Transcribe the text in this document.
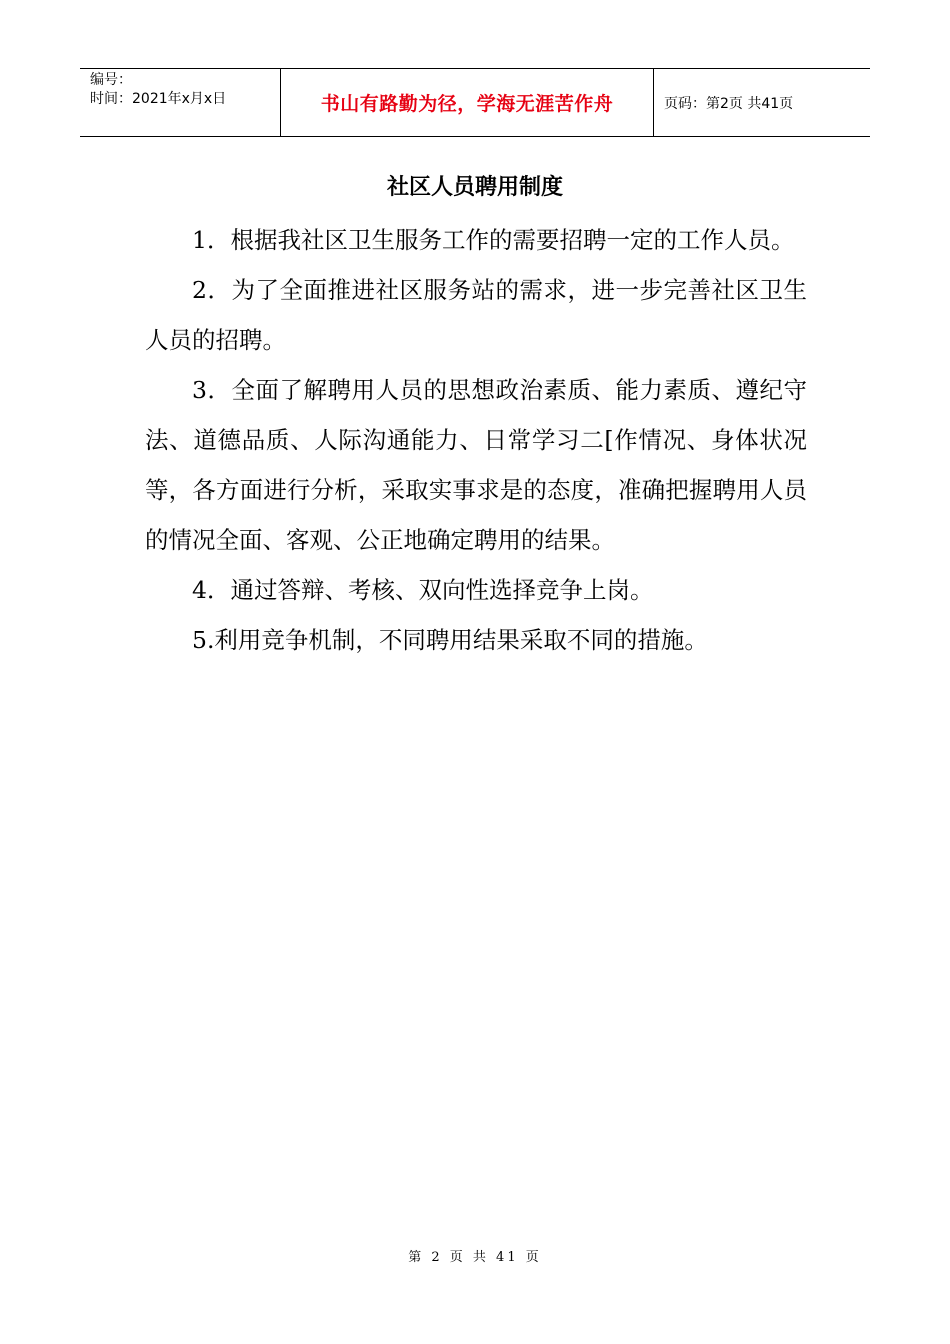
编号：
时间：2021年x月x日	书山有路勤为径，学海无涯苦作舟	页码：第2页 共41页
社区人员聘用制度

1．根据我社区卫生服务工作的需要招聘一定的工作人员。

2．为了全面推进社区服务站的需求，进一步完善社区卫生人员的招聘。

3．全面了解聘用人员的思想政治素质、能力素质、遵纪守法、道德品质、人际沟通能力、日常学习二[作情况、身体状况等，各方面进行分析，采取实事求是的态度，准确把握聘用人员的情况全面、客观、公正地确定聘用的结果。

4．通过答辩、考核、双向性选择竞争上岗。

5.利用竞争机制，不同聘用结果采取不同的措施。

第 2 页 共 41 页
